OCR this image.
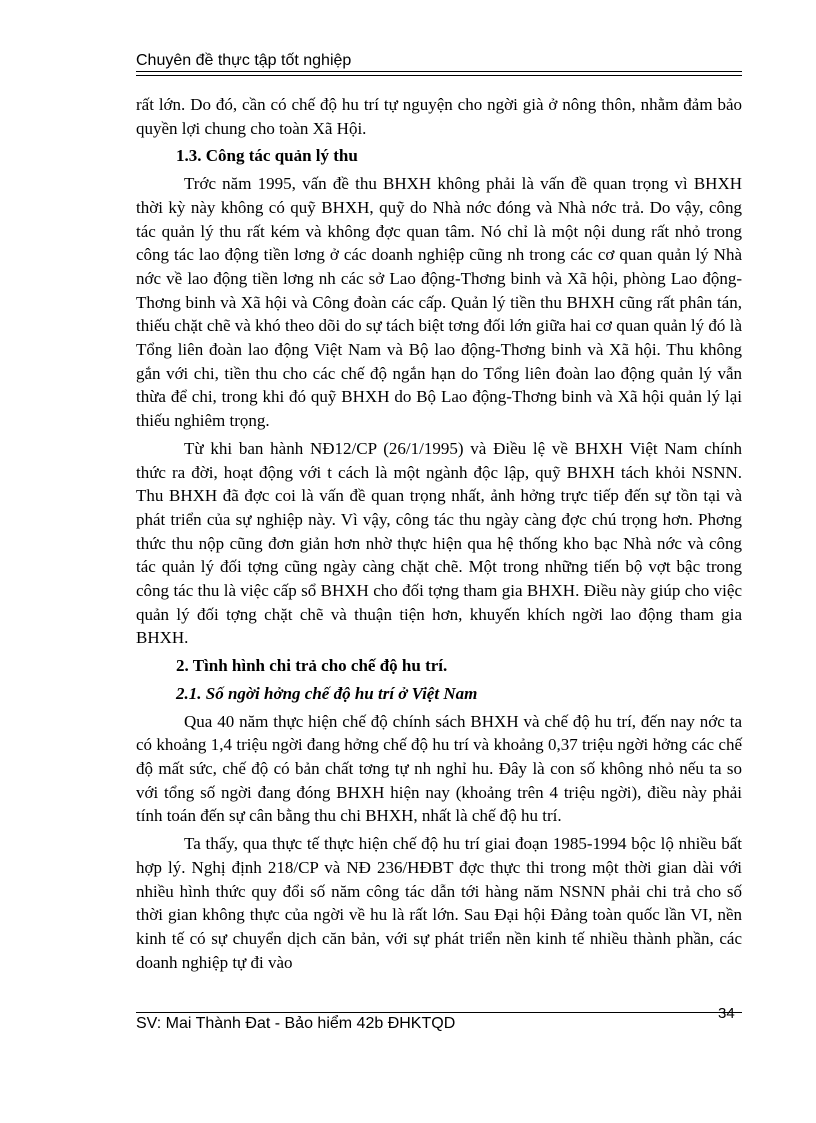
Chuyên đề thực tập tốt nghiệp

rất lớn. Do đó, cần có chế độ hu trí tự nguyện cho ngời già ở nông thôn, nhằm đảm bảo quyền lợi chung cho toàn Xã Hội.

1.3. Công tác quản lý thu

Trớc năm 1995, vấn đề thu BHXH không phải là vấn đề quan trọng vì BHXH thời kỳ này không có quỹ BHXH, quỹ do Nhà nớc đóng và Nhà nớc trả. Do vậy, công tác quản lý thu rất kém và không đợc quan tâm. Nó chỉ là một nội dung rất nhỏ trong công tác lao động tiền lơng ở các doanh nghiệp cũng nh trong các cơ quan quản lý Nhà nớc về lao động tiền lơng nh các sở Lao động-Thơng binh và Xã hội, phòng Lao động-Thơng binh và Xã hội và Công đoàn các cấp. Quản lý tiền thu BHXH cũng rất phân tán, thiếu chặt chẽ và khó theo dõi do sự tách biệt tơng đối lớn giữa hai cơ quan quản lý đó là Tổng liên đoàn lao động Việt Nam và Bộ lao động-Thơng binh và Xã hội. Thu không gắn với chi, tiền thu cho các chế độ ngắn hạn do Tổng liên đoàn lao động quản lý vẫn thừa để chi, trong khi đó quỹ BHXH do Bộ Lao động-Thơng binh và Xã hội quản lý lại thiếu nghiêm trọng.

Từ khi ban hành NĐ12/CP (26/1/1995) và Điều lệ về BHXH Việt Nam chính thức ra đời, hoạt động với t cách là một ngành độc lập, quỹ BHXH tách khỏi NSNN. Thu BHXH đã đợc coi là vấn đề quan trọng nhất, ảnh hởng trực tiếp đến sự tồn tại và phát triển của sự nghiệp này. Vì vậy, công tác thu ngày càng đợc chú trọng hơn. Phơng thức thu nộp cũng đơn giản hơn nhờ thực hiện qua hệ thống kho bạc Nhà nớc và công tác quản lý đối tợng cũng ngày càng chặt chẽ. Một trong những tiến bộ vợt bậc trong công tác thu là việc cấp sổ BHXH cho đối tợng tham gia BHXH. Điều này giúp cho việc quản lý đối tợng chặt chẽ và thuận tiện hơn, khuyến khích ngời lao động tham gia BHXH.

2. Tình hình chi trả cho chế độ hu trí.
2.1. Số ngời hởng chế độ hu trí ở Việt Nam

Qua 40 năm thực hiện chế độ chính sách BHXH và chế độ hu trí, đến nay nớc ta có khoảng 1,4 triệu ngời đang hởng chế độ hu trí và khoảng 0,37 triệu ngời hởng các chế độ mất sức, chế độ có bản chất tơng tự nh nghỉ hu. Đây là con số không nhỏ nếu ta so với tổng số ngời đang đóng BHXH hiện nay (khoảng trên 4 triệu ngời), điều này phải tính toán đến sự cân bằng thu chi BHXH, nhất là chế độ hu trí.

Ta thấy, qua thực tế thực hiện chế độ hu trí giai đoạn 1985-1994 bộc lộ nhiều bất hợp lý. Nghị định 218/CP và NĐ 236/HĐBT đợc thực thi trong một thời gian dài với nhiều hình thức quy đổi số năm công tác dẫn tới hàng năm NSNN phải chi trả cho số thời gian không thực của ngời về hu là rất lớn. Sau Đại hội Đảng toàn quốc lần VI, nền kinh tế có sự chuyển dịch căn bản, với sự phát triển nền kinh tế nhiều thành phần, các doanh nghiệp tự đi vào

SV: Mai Thành Đat - Bảo hiểm 42b ĐHKTQD
34
